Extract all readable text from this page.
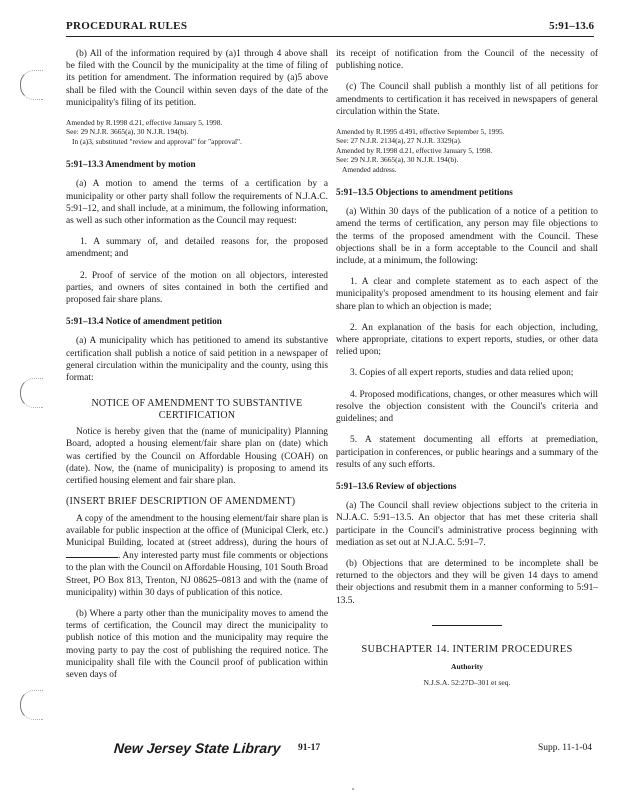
PROCEDURAL RULES	5:91–13.6

(b) All of the information required by (a)1 through 4 above shall be filed with the Council by the municipality at the time of filing of its petition for amendment. The information required by (a)5 above shall be filed with the Council within seven days of the date of the municipality's filing of its petition.

Amended by R.1998 d.21, effective January 5, 1998.
See: 29 N.J.R. 3665(a), 30 N.J.R. 194(b).
In (a)3, substituted "review and approval" for "approval".
5:91–13.3 Amendment by motion

(a) A motion to amend the terms of a certification by a municipality or other party shall follow the requirements of N.J.A.C. 5:91–12, and shall include, at a minimum, the following information, as well as such other information as the Council may request:

1. A summary of, and detailed reasons for, the proposed amendment; and

2. Proof of service of the motion on all objectors, interested parties, and owners of sites contained in both the certified and proposed fair share plans.

5:91–13.4 Notice of amendment petition

(a) A municipality which has petitioned to amend its substantive certification shall publish a notice of said petition in a newspaper of general circulation within the municipality and the county, using this format:

NOTICE OF AMENDMENT TO SUBSTANTIVE CERTIFICATION

Notice is hereby given that the (name of municipality) Planning Board, adopted a housing element/fair share plan on (date) which was certified by the Council on Affordable Housing (COAH) on (date). Now, the (name of municipality) is proposing to amend its certified housing element and fair share plan.

(INSERT BRIEF DESCRIPTION OF AMENDMENT)

A copy of the amendment to the housing element/fair share plan is available for public inspection at the office of (Municipal Clerk, etc.) Municipal Building, located at (street address), during the hours of . Any interested party must file comments or objections to the plan with the Council on Affordable Housing, 101 South Broad Street, PO Box 813, Trenton, NJ 08625–0813 and with the (name of municipality) within 30 days of publication of this notice.

(b) Where a party other than the municipality moves to amend the terms of certification, the Council may direct the municipality to publish notice of this motion and the municipality may require the moving party to pay the cost of publishing the required notice. The municipality shall file with the Council proof of publication within seven days of

its receipt of notification from the Council of the necessity of publishing notice.

(c) The Council shall publish a monthly list of all petitions for amendments to certification it has received in newspapers of general circulation within the State.

Amended by R.1995 d.491, effective September 5, 1995.
See: 27 N.J.R. 2134(a), 27 N.J.R. 3329(a).
Amended by R.1998 d.21, effective January 5, 1998.
See: 29 N.J.R. 3665(a), 30 N.J.R. 194(b).
Amended address.
5:91–13.5 Objections to amendment petitions

(a) Within 30 days of the publication of a notice of a petition to amend the terms of certification, any person may file objections to the terms of the proposed amendment with the Council. These objections shall be in a form acceptable to the Council and shall include, at a minimum, the following:

1. A clear and complete statement as to each aspect of the municipality's proposed amendment to its housing element and fair share plan to which an objection is made;

2. An explanation of the basis for each objection, including, where appropriate, citations to expert reports, studies, or other data relied upon;

3. Copies of all expert reports, studies and data relied upon;

4. Proposed modifications, changes, or other measures which will resolve the objection consistent with the Council's criteria and guidelines; and

5. A statement documenting all efforts at premediation, participation in conferences, or public hearings and a summary of the results of any such efforts.

5:91–13.6 Review of objections

(a) The Council shall review objections subject to the criteria in N.J.A.C. 5:91–13.5. An objector that has met these criteria shall participate in the Council's administrative process beginning with mediation as set out at N.J.A.C. 5:91–7.

(b) Objections that are determined to be incomplete shall be returned to the objectors and they will be given 14 days to amend their objections and resubmit them in a manner conforming to 5:91–13.5.

SUBCHAPTER 14. INTERIM PROCEDURES
Authority
N.J.S.A. 52:27D–301 et seq.
New Jersey State Library 91-17	Supp. 11-1-04
